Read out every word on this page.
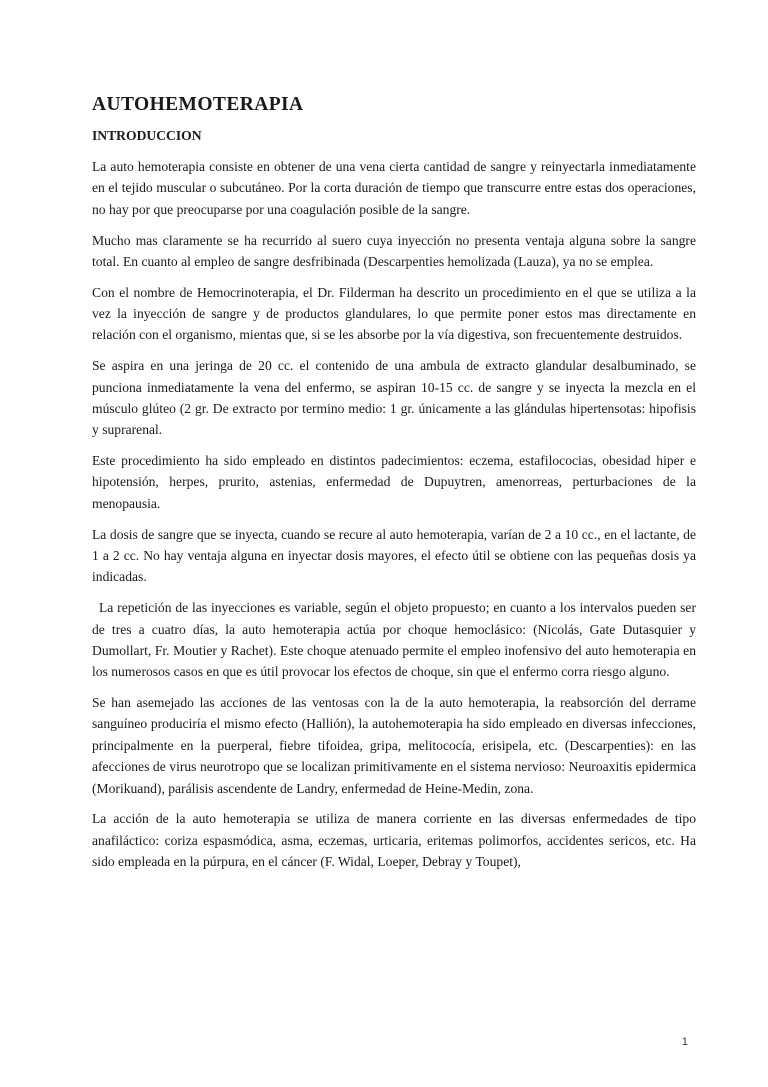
AUTOHEMOTERAPIA
INTRODUCCION

La auto hemoterapia consiste en obtener de una vena cierta cantidad de sangre y reinyectarla inmediatamente en el tejido muscular o subcutáneo. Por la corta duración de tiempo que transcurre entre estas dos operaciones, no hay por que preocuparse por una coagulación posible de la sangre.

Mucho mas claramente se ha recurrido al suero cuya inyección no presenta ventaja alguna sobre la sangre total. En cuanto al empleo de sangre desfribinada (Descarpenties hemolizada (Lauza), ya no se emplea.

Con el nombre de Hemocrinoterapia, el Dr. Filderman ha descrito un procedimiento en el que se utiliza a la vez la inyección de sangre y de productos glandulares, lo que permite poner estos mas directamente en relación con el organismo, mientas que, si se les absorbe por la vía digestiva, son frecuentemente destruidos.

Se aspira en una jeringa de 20 cc. el contenido de una ambula de extracto glandular desalbuminado, se punciona inmediatamente la vena del enfermo, se aspiran 10-15 cc. de sangre y se inyecta la mezcla en el músculo glúteo (2 gr. De extracto por termino medio: 1 gr. únicamente a las glándulas hipertensotas: hipofisis y suprarenal.

Este procedimiento ha sido empleado en distintos padecimientos: eczema, estafilococias, obesidad hiper e hipotensión, herpes, prurito, astenias, enfermedad de Dupuytren, amenorreas, perturbaciones de la menopausia.

La dosis de sangre que se inyecta, cuando se recure al auto hemoterapia, varían de 2 a 10 cc., en el lactante, de 1 a 2 cc. No hay ventaja alguna en inyectar dosis mayores, el efecto útil se obtiene con las pequeñas dosis ya indicadas.

La repetición de las inyecciones es variable, según el objeto propuesto; en cuanto a los intervalos pueden ser de tres a cuatro días, la auto hemoterapia actúa por choque hemoclásico: (Nicolás, Gate Dutasquier y Dumollart, Fr. Moutier y Rachet). Este choque atenuado permite el empleo inofensivo del auto hemoterapia en los numerosos casos en que es útil provocar los efectos de choque, sin que el enfermo corra riesgo alguno.

Se han asemejado las acciones de las ventosas con la de la auto hemoterapia, la reabsorción del derrame sanguíneo produciría el mismo efecto (Hallión), la autohemoterapia ha sido empleado en diversas infecciones, principalmente en la puerperal, fiebre tifoidea, gripa, melitococía, erisipela, etc. (Descarpenties): en las afecciones de virus neurotropo que se localizan primitivamente en el sistema nervioso: Neuroaxitis epidermica (Morikuand), parálisis ascendente de Landry, enfermedad de Heine-Medin, zona.

La acción de la auto hemoterapia se utiliza de manera corriente en las diversas enfermedades de tipo anafiláctico: coriza espasmódica, asma, eczemas, urticaria, eritemas polimorfos, accidentes sericos, etc. Ha sido empleada en la púrpura, en el cáncer (F. Widal, Loeper, Debray y Toupet),

1
